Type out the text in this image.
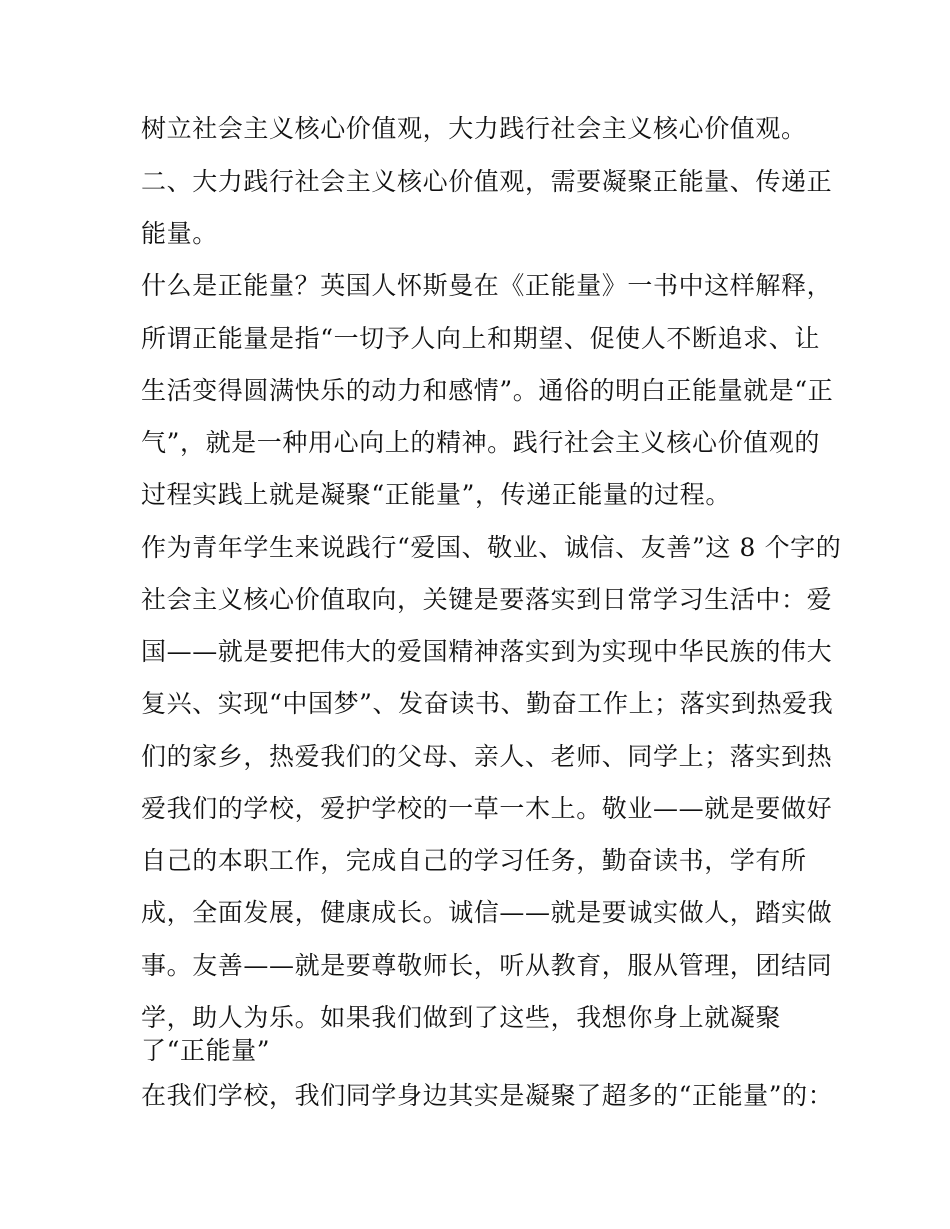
树立社会主义核心价值观，大力践行社会主义核心价值观。
二、大力践行社会主义核心价值观，需要凝聚正能量、传递正
能量。
什么是正能量？英国人怀斯曼在《正能量》一书中这样解释，
所谓正能量是指“一切予人向上和期望、促使人不断追求、让
生活变得圆满快乐的动力和感情”。通俗的明白正能量就是“正
气”，就是一种用心向上的精神。践行社会主义核心价值观的
过程实践上就是凝聚“正能量”，传递正能量的过程。
作为青年学生来说践行“爱国、敬业、诚信、友善”这 8 个字的
社会主义核心价值取向，关键是要落实到日常学习生活中：爱
国——就是要把伟大的爱国精神落实到为实现中华民族的伟大
复兴、实现“中国梦”、发奋读书、勤奋工作上；落实到热爱我
们的家乡，热爱我们的父母、亲人、老师、同学上；落实到热
爱我们的学校，爱护学校的一草一木上。敬业——就是要做好
自己的本职工作，完成自己的学习任务，勤奋读书，学有所
成，全面发展，健康成长。诚信——就是要诚实做人，踏实做
事。友善——就是要尊敬师长，听从教育，服从管理，团结同
学，助人为乐。如果我们做到了这些，我想你身上就凝聚
了“正能量”
在我们学校，我们同学身边其实是凝聚了超多的“正能量”的：
